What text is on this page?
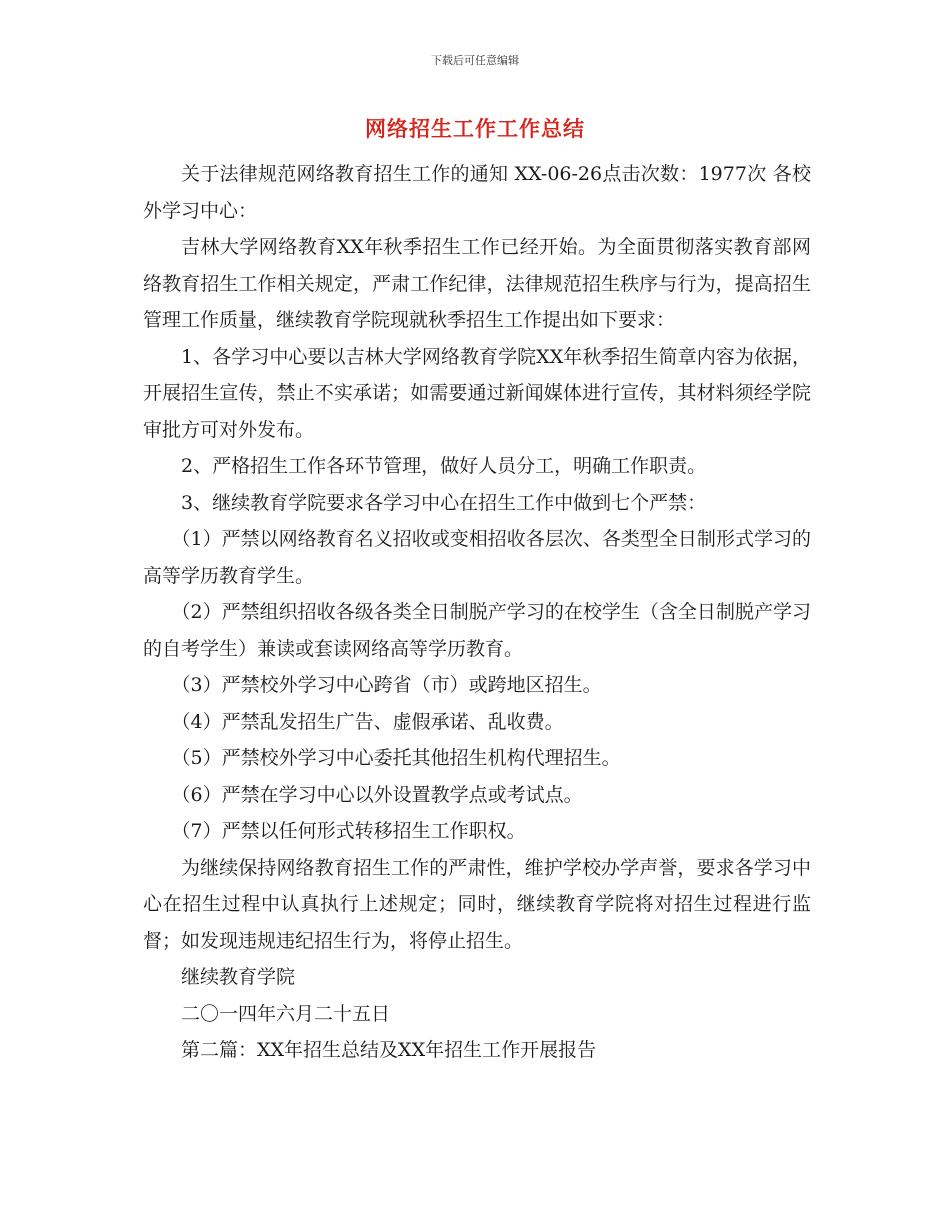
下载后可任意编辑
网络招生工作工作总结

关于法律规范网络教育招生工作的通知 XX-06-26点击次数：1977次 各校外学习中心：

吉林大学网络教育XX年秋季招生工作已经开始。为全面贯彻落实教育部网络教育招生工作相关规定，严肃工作纪律，法律规范招生秩序与行为，提高招生管理工作质量，继续教育学院现就秋季招生工作提出如下要求：

1、各学习中心要以吉林大学网络教育学院XX年秋季招生简章内容为依据，开展招生宣传，禁止不实承诺；如需要通过新闻媒体进行宣传，其材料须经学院审批方可对外发布。

2、严格招生工作各环节管理，做好人员分工，明确工作职责。

3、继续教育学院要求各学习中心在招生工作中做到七个严禁：

（1）严禁以网络教育名义招收或变相招收各层次、各类型全日制形式学习的高等学历教育学生。

（2）严禁组织招收各级各类全日制脱产学习的在校学生（含全日制脱产学习的自考学生）兼读或套读网络高等学历教育。

（3）严禁校外学习中心跨省（市）或跨地区招生。

（4）严禁乱发招生广告、虚假承诺、乱收费。

（5）严禁校外学习中心委托其他招生机构代理招生。

（6）严禁在学习中心以外设置教学点或考试点。

（7）严禁以任何形式转移招生工作职权。

为继续保持网络教育招生工作的严肃性，维护学校办学声誉，要求各学习中心在招生过程中认真执行上述规定；同时，继续教育学院将对招生过程进行监督；如发现违规违纪招生行为，将停止招生。

继续教育学院

二〇一四年六月二十五日

第二篇：XX年招生总结及XX年招生工作开展报告
